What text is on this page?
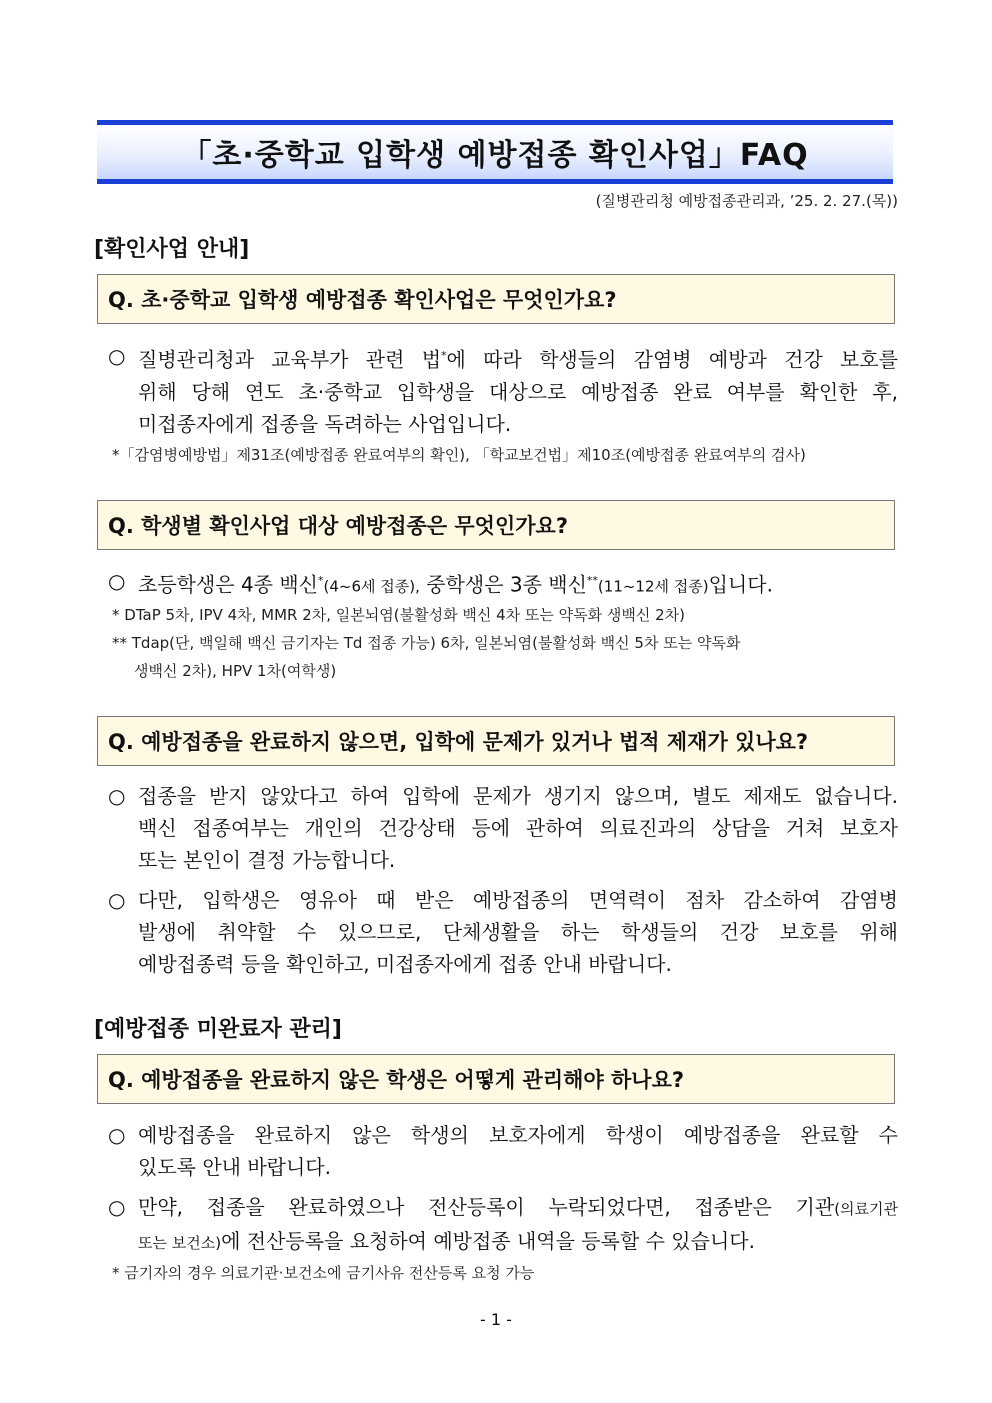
「초·중학교 입학생 예방접종 확인사업」FAQ
(질병관리청 예방접종관리과, ’25. 2. 27.(목))
[확인사업 안내]
Q. 초·중학교 입학생 예방접종 확인사업은 무엇인가요?
○ 질병관리청과 교육부가 관련 법*에 따라 학생들의 감염병 예방과 건강 보호를
위해 당해 연도 초·중학교 입학생을 대상으로 예방접종 완료 여부를 확인한 후,
미접종자에게 접종을 독려하는 사업입니다.
*「감염병예방법」제31조(예방접종 완료여부의 확인), 「학교보건법」제10조(예방접종 완료여부의 검사)
Q. 학생별 확인사업 대상 예방접종은 무엇인가요?
○ 초등학생은 4종 백신*(4~6세 접종), 중학생은 3종 백신**(11~12세 접종)입니다.
* DTaP 5차, IPV 4차, MMR 2차, 일본뇌염(불활성화 백신 4차 또는 약독화 생백신 2차)
** Tdap(단, 백일해 백신 금기자는 Td 접종 가능) 6차, 일본뇌염(불활성화 백신 5차 또는 약독화
생백신 2차), HPV 1차(여학생)
Q. 예방접종을 완료하지 않으면, 입학에 문제가 있거나 법적 제재가 있나요?
○ 접종을 받지 않았다고 하여 입학에 문제가 생기지 않으며, 별도 제재도 없습니다.
백신 접종여부는 개인의 건강상태 등에 관하여 의료진과의 상담을 거쳐 보호자
또는 본인이 결정 가능합니다.
○ 다만, 입학생은 영유아 때 받은 예방접종의 면역력이 점차 감소하여 감염병
발생에 취약할 수 있으므로, 단체생활을 하는 학생들의 건강 보호를 위해
예방접종력 등을 확인하고, 미접종자에게 접종 안내 바랍니다.
[예방접종 미완료자 관리]
Q. 예방접종을 완료하지 않은 학생은 어떻게 관리해야 하나요?
○ 예방접종을 완료하지 않은 학생의 보호자에게 학생이 예방접종을 완료할 수
있도록 안내 바랍니다.
○ 만약, 접종을 완료하였으나 전산등록이 누락되었다면, 접종받은 기관(의료기관
또는 보건소)에 전산등록을 요청하여 예방접종 내역을 등록할 수 있습니다.
* 금기자의 경우 의료기관·보건소에 금기사유 전산등록 요청 가능
- 1 -
